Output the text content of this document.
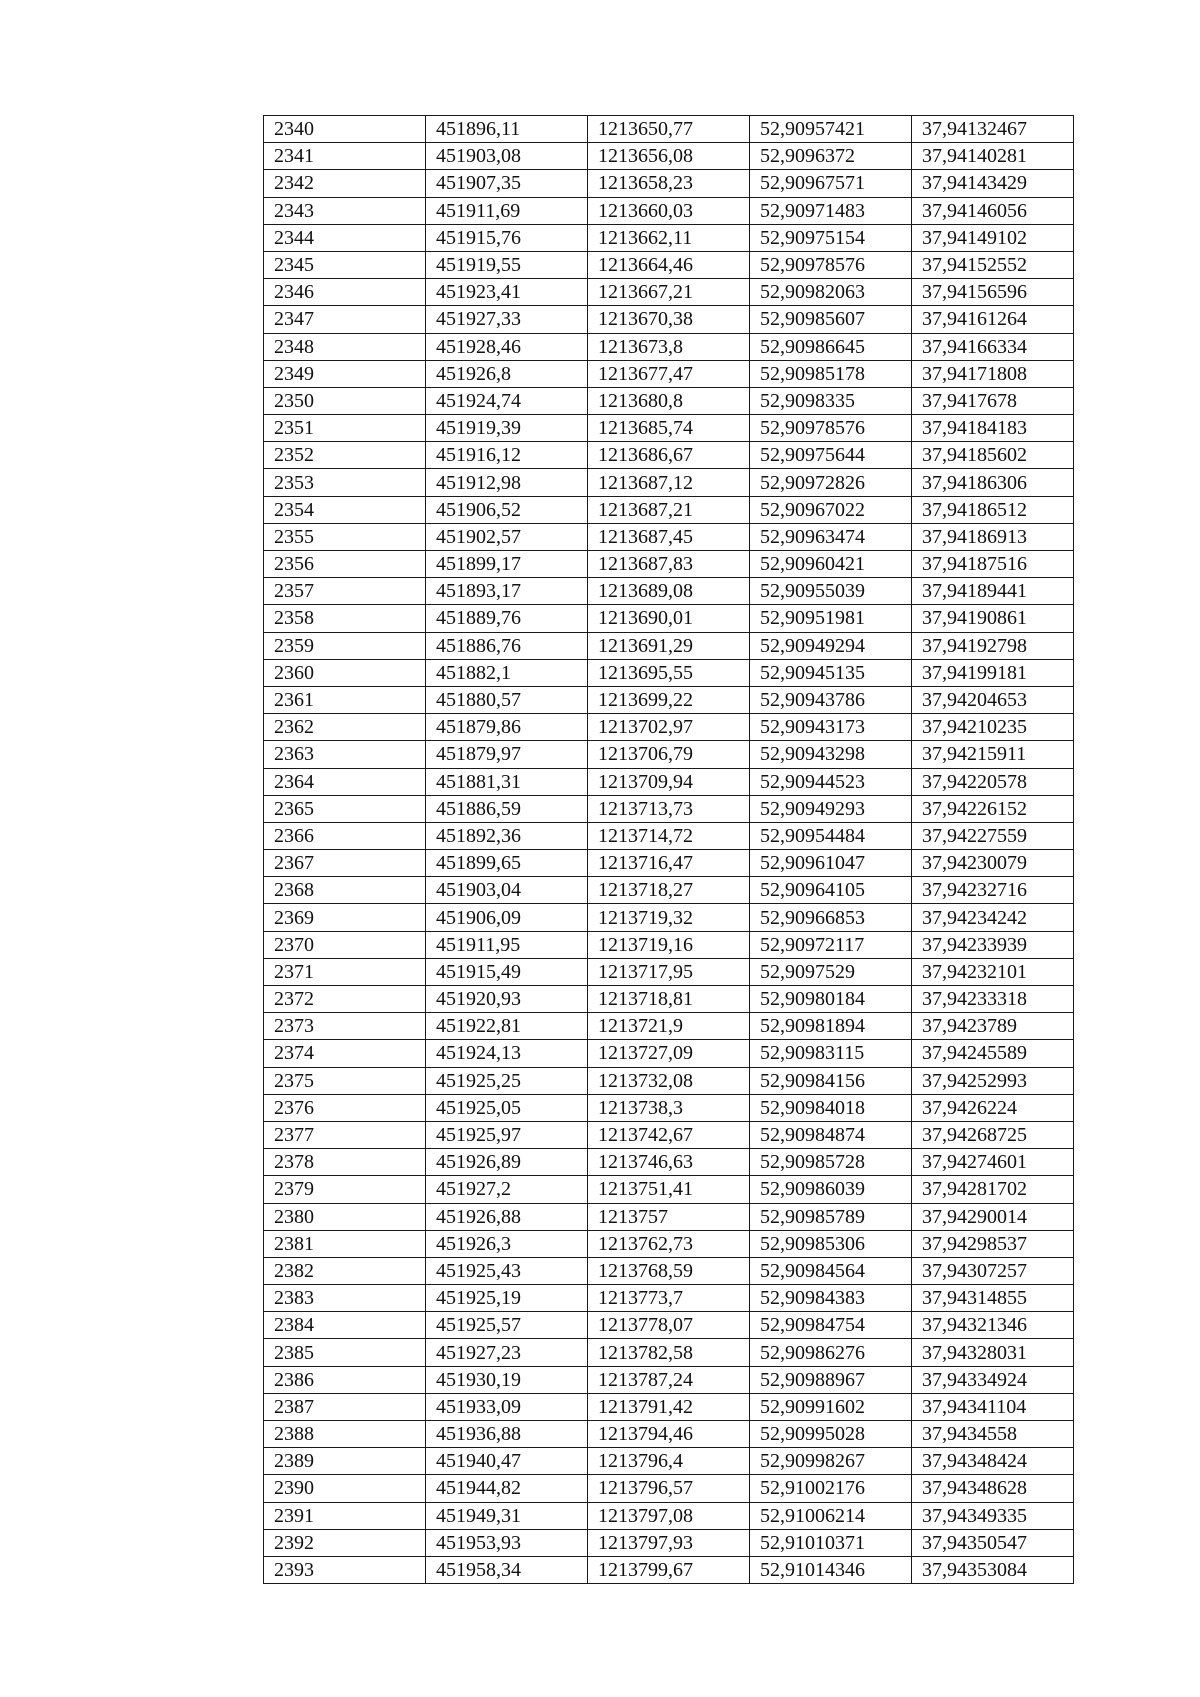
2340	451896,11	1213650,77	52,90957421	37,94132467
2341	451903,08	1213656,08	52,9096372	37,94140281
2342	451907,35	1213658,23	52,90967571	37,94143429
2343	451911,69	1213660,03	52,90971483	37,94146056
2344	451915,76	1213662,11	52,90975154	37,94149102
2345	451919,55	1213664,46	52,90978576	37,94152552
2346	451923,41	1213667,21	52,90982063	37,94156596
2347	451927,33	1213670,38	52,90985607	37,94161264
2348	451928,46	1213673,8	52,90986645	37,94166334
2349	451926,8	1213677,47	52,90985178	37,94171808
2350	451924,74	1213680,8	52,9098335	37,9417678
2351	451919,39	1213685,74	52,90978576	37,94184183
2352	451916,12	1213686,67	52,90975644	37,94185602
2353	451912,98	1213687,12	52,90972826	37,94186306
2354	451906,52	1213687,21	52,90967022	37,94186512
2355	451902,57	1213687,45	52,90963474	37,94186913
2356	451899,17	1213687,83	52,90960421	37,94187516
2357	451893,17	1213689,08	52,90955039	37,94189441
2358	451889,76	1213690,01	52,90951981	37,94190861
2359	451886,76	1213691,29	52,90949294	37,94192798
2360	451882,1	1213695,55	52,90945135	37,94199181
2361	451880,57	1213699,22	52,90943786	37,94204653
2362	451879,86	1213702,97	52,90943173	37,94210235
2363	451879,97	1213706,79	52,90943298	37,94215911
2364	451881,31	1213709,94	52,90944523	37,94220578
2365	451886,59	1213713,73	52,90949293	37,94226152
2366	451892,36	1213714,72	52,90954484	37,94227559
2367	451899,65	1213716,47	52,90961047	37,94230079
2368	451903,04	1213718,27	52,90964105	37,94232716
2369	451906,09	1213719,32	52,90966853	37,94234242
2370	451911,95	1213719,16	52,90972117	37,94233939
2371	451915,49	1213717,95	52,9097529	37,94232101
2372	451920,93	1213718,81	52,90980184	37,94233318
2373	451922,81	1213721,9	52,90981894	37,9423789
2374	451924,13	1213727,09	52,90983115	37,94245589
2375	451925,25	1213732,08	52,90984156	37,94252993
2376	451925,05	1213738,3	52,90984018	37,9426224
2377	451925,97	1213742,67	52,90984874	37,94268725
2378	451926,89	1213746,63	52,90985728	37,94274601
2379	451927,2	1213751,41	52,90986039	37,94281702
2380	451926,88	1213757	52,90985789	37,94290014
2381	451926,3	1213762,73	52,90985306	37,94298537
2382	451925,43	1213768,59	52,90984564	37,94307257
2383	451925,19	1213773,7	52,90984383	37,94314855
2384	451925,57	1213778,07	52,90984754	37,94321346
2385	451927,23	1213782,58	52,90986276	37,94328031
2386	451930,19	1213787,24	52,90988967	37,94334924
2387	451933,09	1213791,42	52,90991602	37,94341104
2388	451936,88	1213794,46	52,90995028	37,9434558
2389	451940,47	1213796,4	52,90998267	37,94348424
2390	451944,82	1213796,57	52,91002176	37,94348628
2391	451949,31	1213797,08	52,91006214	37,94349335
2392	451953,93	1213797,93	52,91010371	37,94350547
2393	451958,34	1213799,67	52,91014346	37,94353084
